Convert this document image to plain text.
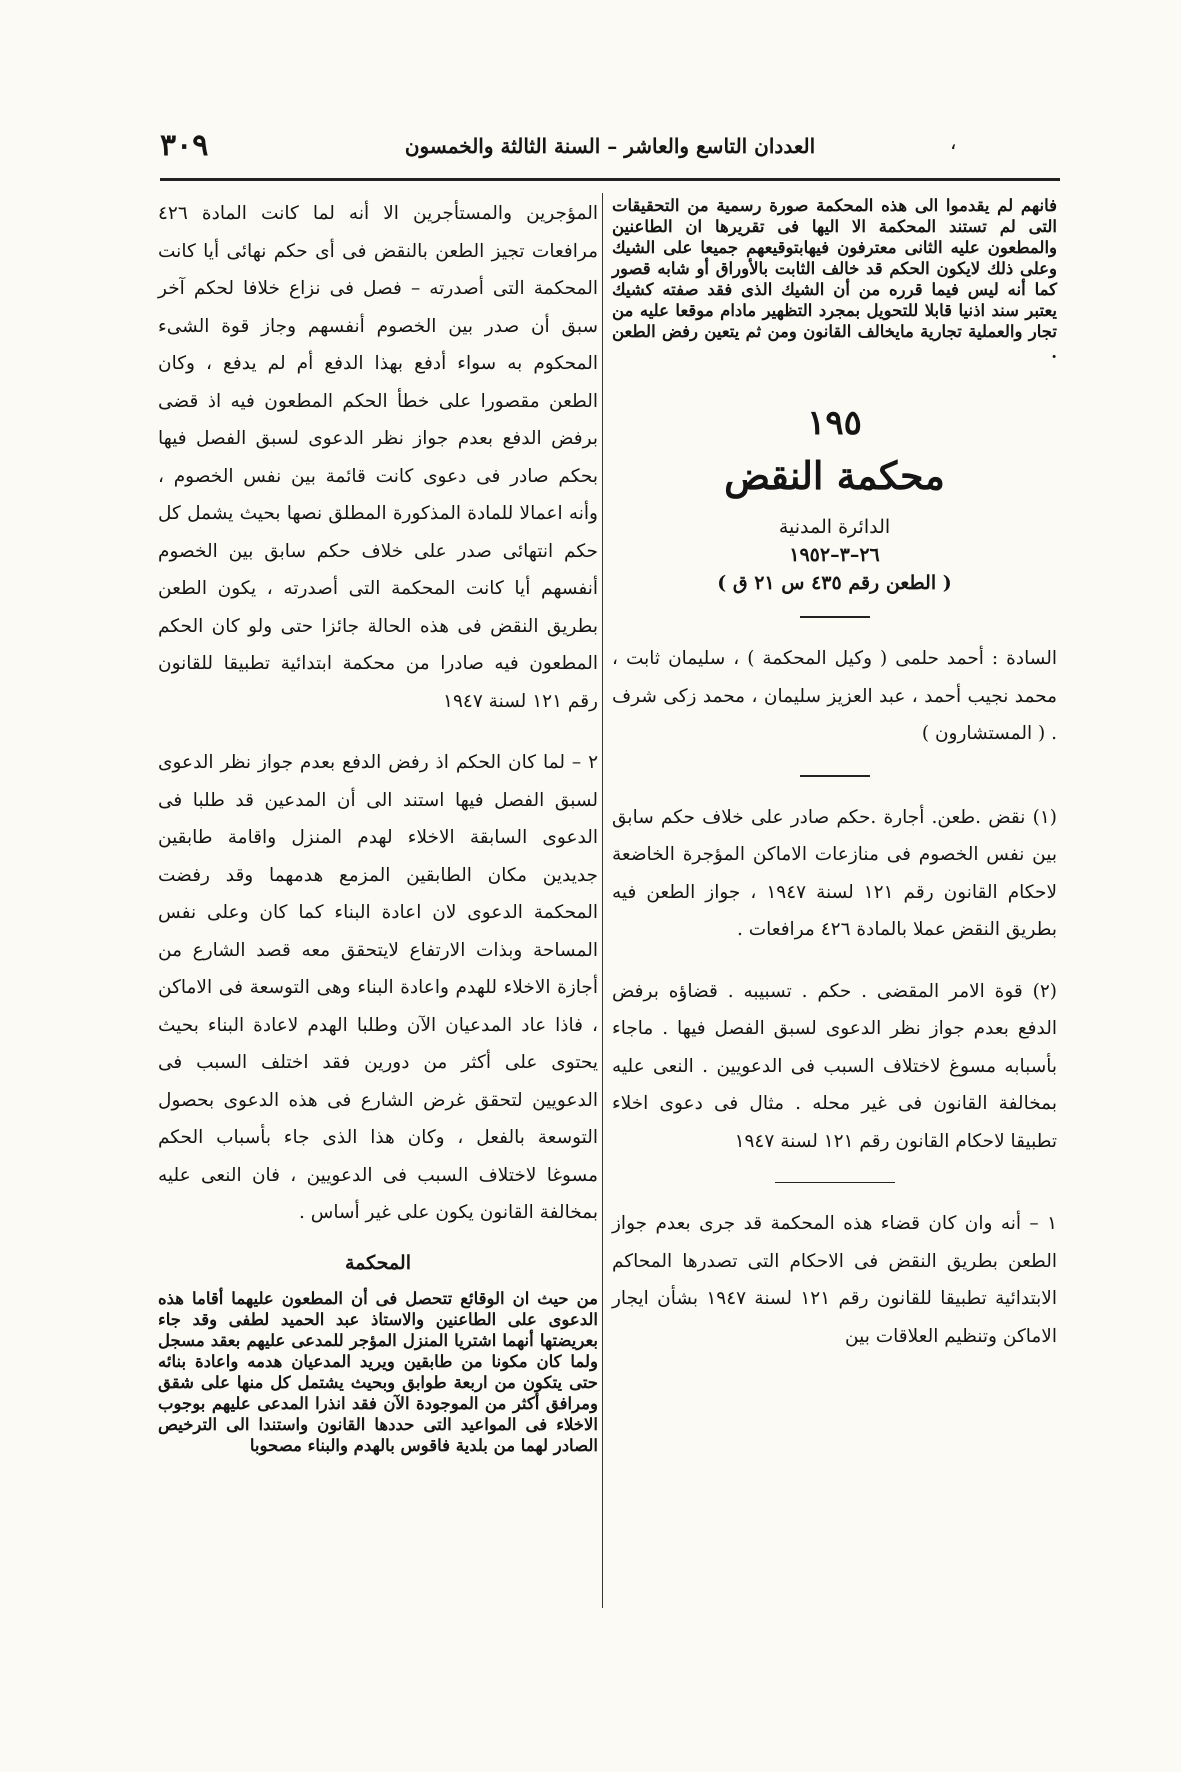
٣٠٩	العددان التاسع والعاشر – السنة الثالثة والخمسون	،

فانهم لم يقدموا الى هذه المحكمة صورة رسمية من التحقيقات التى لم تستند المحكمة الا اليها فى تقريرها ان الطاعنين والمطعون عليه الثانى معترفون فيهابتوقيعهم جميعا على الشيك وعلى ذلك لايكون الحكم قد خالف الثابت بالأوراق أو شابه قصور كما أنه ليس فيما قرره من أن الشيك الذى فقد صفته كشيك يعتبر سند اذنيا قابلا للتحويل بمجرد التظهير مادام موقعا عليه من تجار والعملية تجارية مايخالف القانون ومن ثم يتعين رفض الطعن .

١٩٥
محكمة النقض
الدائرة المدنية
٢٦–٣–١٩٥٢
( الطعن رقم ٤٣٥ س ٢١ ق )

السادة : أحمد حلمى ( وكيل المحكمة ) ، سليمان ثابت ، محمد نجيب أحمد ، عبد العزيز سليمان ، محمد زكى شرف . ( المستشارون )

(١) نقض .طعن. أجارة .حكم صادر على خلاف حكم سابق بين نفس الخصوم فى منازعات الاماكن المؤجرة الخاضعة لاحكام القانون رقم ١٢١ لسنة ١٩٤٧ ، جواز الطعن فيه بطريق النقض عملا بالمادة ٤٢٦ مرافعات .

(٢) قوة الامر المقضى . حكم . تسبيبه . قضاؤه برفض الدفع بعدم جواز نظر الدعوى لسبق الفصل فيها . ماجاء بأسبابه مسوغ لاختلاف السبب فى الدعويين . النعى عليه بمخالفة القانون فى غير محله . مثال فى دعوى اخلاء تطبيقا لاحكام القانون رقم ١٢١ لسنة ١٩٤٧

١ – أنه وان كان قضاء هذه المحكمة قد جرى بعدم جواز الطعن بطريق النقض فى الاحكام التى تصدرها المحاكم الابتدائية تطبيقا للقانون رقم ١٢١ لسنة ١٩٤٧ بشأن ايجار الاماكن وتنظيم العلاقات بين

المؤجرين والمستأجرين الا أنه لما كانت المادة ٤٢٦ مرافعات تجيز الطعن بالنقض فى أى حكم نهائى أيا كانت المحكمة التى أصدرته – فصل فى نزاع خلافا لحكم آخر سبق أن صدر بين الخصوم أنفسهم وجاز قوة الشىء المحكوم به سواء أدفع بهذا الدفع أم لم يدفع ، وكان الطعن مقصورا على خطأ الحكم المطعون فيه اذ قضى برفض الدفع بعدم جواز نظر الدعوى لسبق الفصل فيها بحكم صادر فى دعوى كانت قائمة بين نفس الخصوم ، وأنه اعمالا للمادة المذكورة المطلق نصها بحيث يشمل كل حكم انتهائى صدر على خلاف حكم سابق بين الخصوم أنفسهم أيا كانت المحكمة التى أصدرته ، يكون الطعن بطريق النقض فى هذه الحالة جائزا حتى ولو كان الحكم المطعون فيه صادرا من محكمة ابتدائية تطبيقا للقانون رقم ١٢١ لسنة ١٩٤٧

٢ – لما كان الحكم اذ رفض الدفع بعدم جواز نظر الدعوى لسبق الفصل فيها استند الى أن المدعين قد طلبا فى الدعوى السابقة الاخلاء لهدم المنزل واقامة طابقين جديدين مكان الطابقين المزمع هدمهما وقد رفضت المحكمة الدعوى لان اعادة البناء كما كان وعلى نفس المساحة وبذات الارتفاع لايتحقق معه قصد الشارع من أجازة الاخلاء للهدم واعادة البناء وهى التوسعة فى الاماكن ، فاذا عاد المدعيان الآن وطلبا الهدم لاعادة البناء بحيث يحتوى على أكثر من دورين فقد اختلف السبب فى الدعويين لتحقق غرض الشارع فى هذه الدعوى بحصول التوسعة بالفعل ، وكان هذا الذى جاء بأسباب الحكم مسوغا لاختلاف السبب فى الدعويين ، فان النعى عليه بمخالفة القانون يكون على غير أساس .

المحكمة

من حيث ان الوقائع تتحصل فى أن المطعون عليهما أقاما هذه الدعوى على الطاعنين والاستاذ عبد الحميد لطفى وقد جاء بعريضتها أنهما اشتريا المنزل المؤجر للمدعى عليهم بعقد مسجل ولما كان مكونا من طابقين ويريد المدعيان هدمه واعادة بنائه حتى يتكون من اربعة طوابق وبحيث يشتمل كل منها على شقق ومرافق أكثر من الموجودة الآن فقد انذرا المدعى عليهم بوجوب الاخلاء فى المواعيد التى حددها القانون واستندا الى الترخيص الصادر لهما من بلدية فاقوس بالهدم والبناء مصحوبا
